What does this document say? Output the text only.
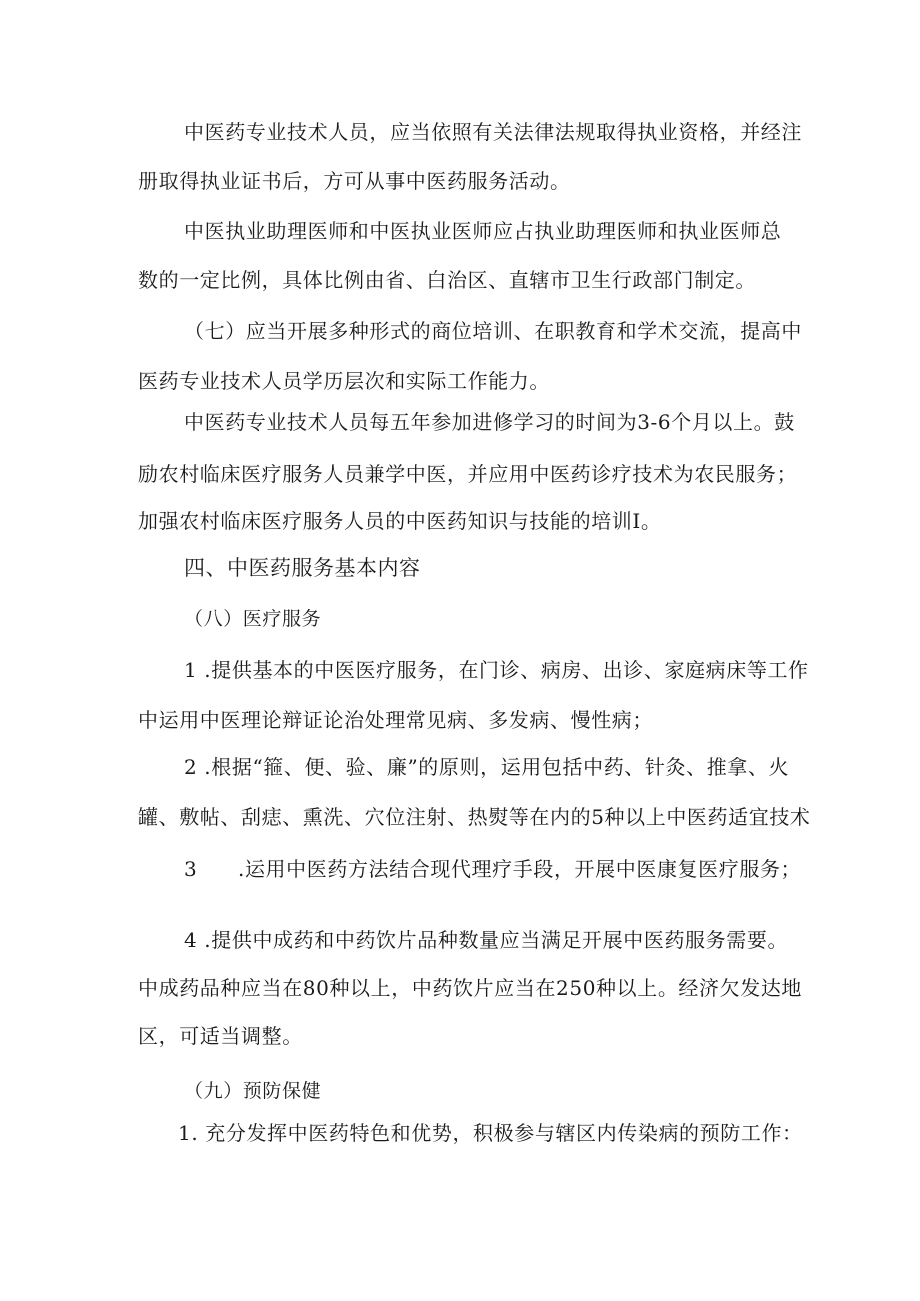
中医药专业技术人员，应当依照有关法律法规取得执业资格，并经注
册取得执业证书后，方可从事中医药服务活动。
中医执业助理医师和中医执业医师应占执业助理医师和执业医师总
数的一定比例，具体比例由省、白治区、直辖市卫生行政部门制定。
（七）应当开展多种形式的商位培训、在职教育和学术交流，提高中
医药专业技术人员学历层次和实际工作能力。
中医药专业技术人员每五年参加进修学习的时间为3-6个月以上。鼓
励农村临床医疗服务人员兼学中医，并应用中医药诊疗技术为农民服务；
加强农村临床医疗服务人员的中医药知识与技能的培训I。
四、中医药服务基本内容
（八）医疗服务
1 .提供基本的中医医疗服务，在门诊、病房、出诊、家庭病床等工作
中运用中医理论辩证论治处理常见病、多发病、慢性病；
2 .根据“箍、便、验、廉”的原则，运用包括中药、针灸、推拿、火
罐、敷帖、刮痣、熏洗、穴位注射、热熨等在内的5种以上中医药适宜技术
3 .运用中医药方法结合现代理疗手段，开展中医康复医疗服务；
4 .提供中成药和中药饮片品种数量应当满足开展中医药服务需要。
中成药品种应当在80种以上，中药饮片应当在250种以上。经济欠发达地
区，可适当调整。
（九）预防保健
1. 充分发挥中医药特色和优势，积极参与辖区内传染病的预防工作：
